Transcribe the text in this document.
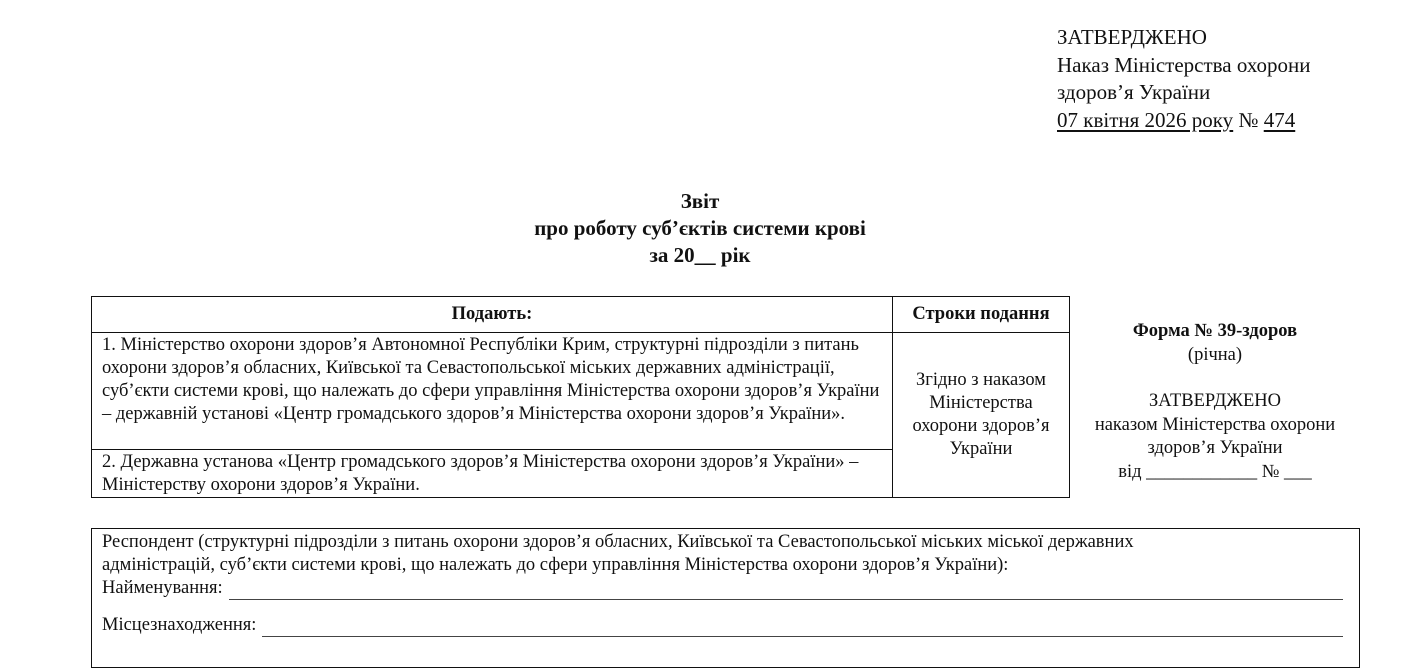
ЗАТВЕРДЖЕНО
Наказ Міністерства охорони
здоров’я України
07 квітня 2026 року № 474
Звіт
про роботу суб’єктів системи крові
за 20__ рік
Подають:	Строки подання
1. Міністерство охорони здоров’я Автономної Республіки Крим, структурні підрозділи з питань охорони здоров’я обласних, Київської та Севастопольської міських державних адміністрації, суб’єкти системи крові, що належать до сфери управління Міністерства охорони здоров’я України – державній установі «Центр громадського здоров’я Міністерства охорони здоров’я України».	Згідно з наказом Міністерства охорони здоров’я України
2. Державна установа «Центр громадського здоров’я Міністерства охорони здоров’я України» – Міністерству охорони здоров’я України.	
Форма № 39-здоров
(річна)
ЗАТВЕРДЖЕНО
наказом Міністерства охорони
здоров’я України
від ____________ № ___
Респондент (структурні підрозділи з питань охорони здоров’я обласних, Київської та Севастопольської міських міської державних адміністрацій, суб’єкти системи крові, що належать до сфери управління Міністерства охорони здоров’я України):
Найменування:
Місцезнаходження:
